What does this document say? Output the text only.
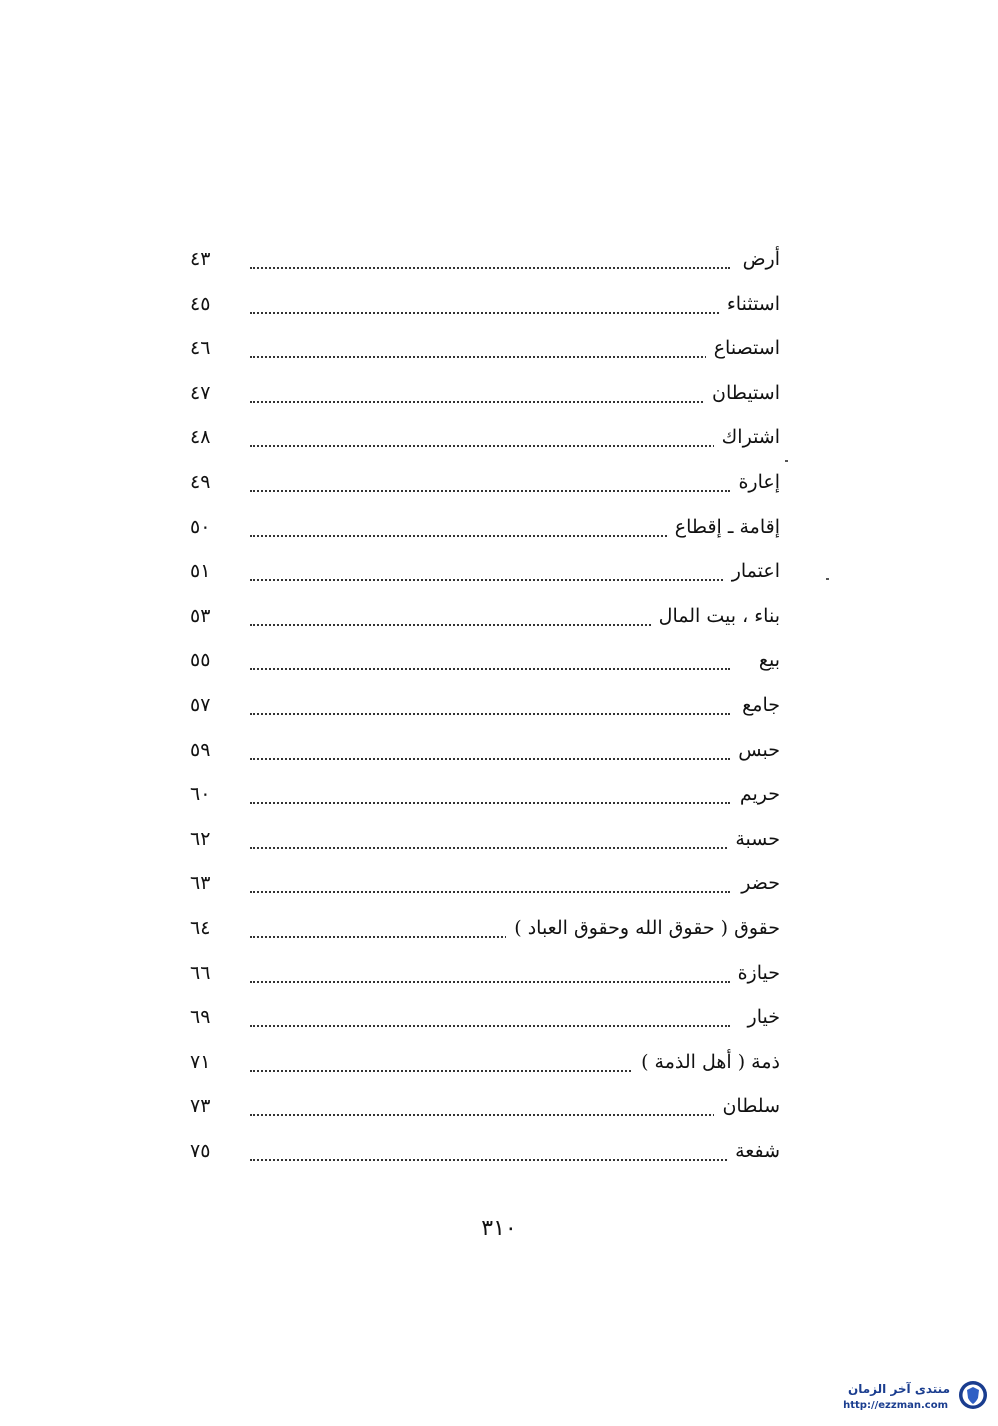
أرض
٤٣
استثناء
٤٥
استصناع
٤٦
استيطان
٤٧
اشتراك
٤٨
إعارة
٤٩
إقامة ـ إقطاع
٥٠
اعتمار
٥١
بناء ، بيت المال
٥٣
بيع
٥٥
جامع
٥٧
حبس
٥٩
حريم
٦٠
حسبة
٦٢
حضر
٦٣
حقوق ( حقوق الله وحقوق العباد )
٦٤
حيازة
٦٦
خيار
٦٩
ذمة ( أهل الذمة )
٧١
سلطان
٧٣
شفعة
٧٥
٣١٠
منتدى آخر الزمان
http://ezzman.com
